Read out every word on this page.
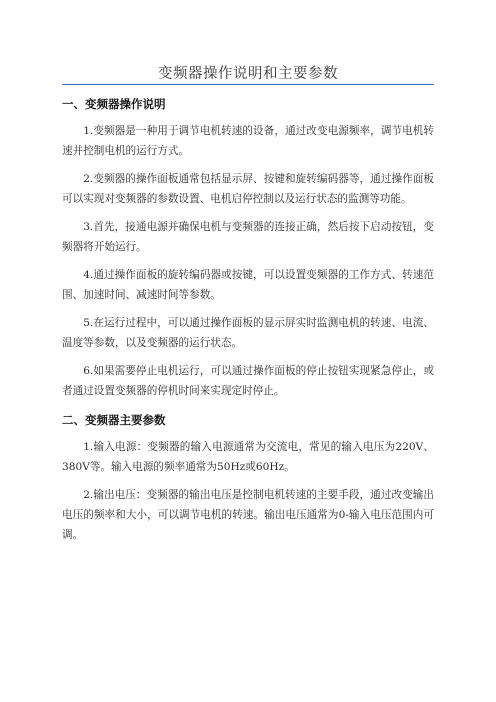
变频器操作说明和主要参数
一、变频器操作说明

1.变频器是一种用于调节电机转速的设备，通过改变电源频率，调节电机转速并控制电机的运行方式。

2.变频器的操作面板通常包括显示屏、按键和旋转编码器等，通过操作面板可以实现对变频器的参数设置、电机启停控制以及运行状态的监测等功能。

3.首先，接通电源并确保电机与变频器的连接正确，然后按下启动按钮，变频器将开始运行。

4.通过操作面板的旋转编码器或按键，可以设置变频器的工作方式、转速范围、加速时间、减速时间等参数。

5.在运行过程中，可以通过操作面板的显示屏实时监测电机的转速、电流、温度等参数，以及变频器的运行状态。

6.如果需要停止电机运行，可以通过操作面板的停止按钮实现紧急停止，或者通过设置变频器的停机时间来实现定时停止。

二、变频器主要参数

1.输入电源：变频器的输入电源通常为交流电，常见的输入电压为220V、380V等。输入电源的频率通常为50Hz或60Hz。

2.输出电压：变频器的输出电压是控制电机转速的主要手段，通过改变输出电压的频率和大小，可以调节电机的转速。输出电压通常为0-输入电压范围内可调。
